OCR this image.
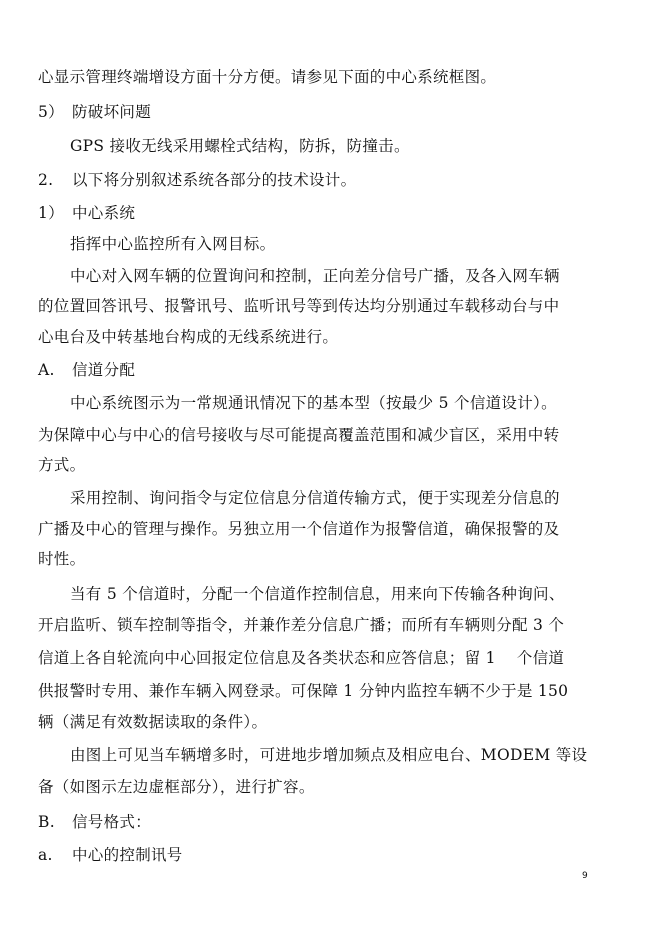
心显示管理终端增设方面十分方便。请参见下面的中心系统框图。
5） 防破坏问题
GPS 接收无线采用螺栓式结构，防拆，防撞击。
2. 以下将分别叙述系统各部分的技术设计。
1） 中心系统
指挥中心监控所有入网目标。
中心对入网车辆的位置询问和控制，正向差分信号广播，及各入网车辆
的位置回答讯号、报警讯号、监听讯号等到传达均分别通过车载移动台与中
心电台及中转基地台构成的无线系统进行。
A. 信道分配
中心系统图示为一常规通讯情况下的基本型（按最少 5 个信道设计）。
为保障中心与中心的信号接收与尽可能提高覆盖范围和减少盲区，采用中转
方式。
采用控制、询问指令与定位信息分信道传输方式，便于实现差分信息的
广播及中心的管理与操作。另独立用一个信道作为报警信道，确保报警的及
时性。
当有 5 个信道时，分配一个信道作控制信息，用来向下传输各种询问、
开启监听、锁车控制等指令，并兼作差分信息广播；而所有车辆则分配 3 个
信道上各自轮流向中心回报定位信息及各类状态和应答信息；留 1　 个信道
供报警时专用、兼作车辆入网登录。可保障 1 分钟内监控车辆不少于是 150
辆（满足有效数据读取的条件）。
由图上可见当车辆增多时，可进地步增加频点及相应电台、MODEM 等设
备（如图示左边虚框部分），进行扩容。
B. 信号格式：
a. 中心的控制讯号
9
